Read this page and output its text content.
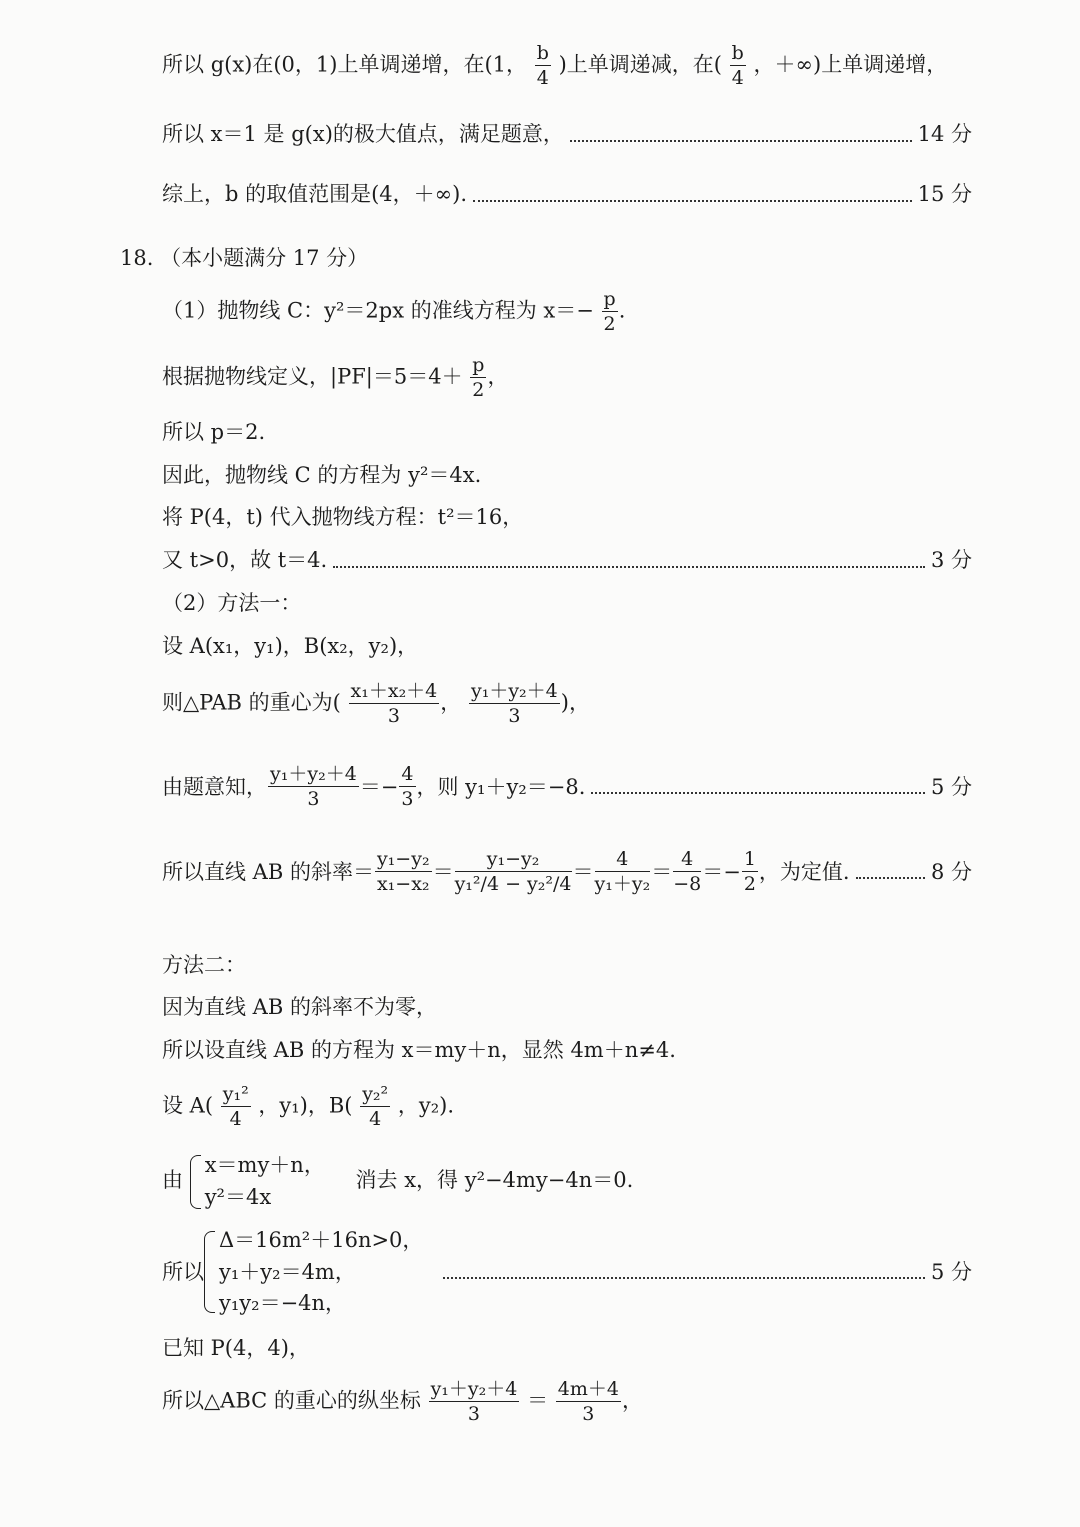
所以 g(x)在(0，1)上单调递增，在(1， $\frac{b}{4}$ )上单调递减，在( $\frac{b}{4}$ ，＋∞)上单调递增，
所以 x＝1 是 g(x)的极大值点，满足题意，	14 分
综上，b 的取值范围是(4，＋∞).	15 分
18. （本小题满分 17 分）
（1）抛物线 C：y²＝2px 的准线方程为 $x=- \frac{p}{2}$ .
根据抛物线定义，$|PF|=5=4+ \frac{p}{2}$ ，
所以 p＝2.
因此，抛物线 C 的方程为 y²＝4x.
将 P(4，t) 代入抛物线方程：t²＝16，
又 t>0，故 t＝4.	3 分
（2）方法一：
设 A(x₁，y₁)，B(x₂，y₂)，
则△PAB 的重心为( $\frac{\text{x₁＋x₂＋4}}{3}$ ， $\frac{\text{y₁＋y₂＋4}}{3}$ )，
由题意知， $\frac{\text{y₁＋y₂＋4}}{3} =- \frac{4}{3}$ ，则 y₁＋y₂＝−8.	5 分
所以直线 AB 的斜率＝ $\frac{\text{y₁−y₂}}{\text{x₁−x₂}} = \frac{\text{y₁−y₂}}{\text{y₁²/4 − y₂²/4}} = \frac{4}{\text{y₁＋y₂}} = \frac{4}{-8} =- \frac{1}{2}$ ，为定值.	8 分
方法二：
因为直线 AB 的斜率不为零，
所以设直线 AB 的方程为 x＝my＋n，显然 4m＋n≠4.
设 $A( \frac{\text{y₁²}}{4}$ ，y₁)，$B( \frac{\text{y₂²}}{4}$ ，y₂).
由
x＝my＋n，
y²＝4x
消去 x，得 y²−4my−4n＝0.
所以
Δ＝16m²＋16n>0，
y₁＋y₂＝4m，
y₁y₂＝−4n，
5 分
已知 P(4，4)，
所以△ABC 的重心的纵坐标 $\frac{\text{y₁＋y₂＋4}}{3} = \frac{4m+4}{3}$ ，
